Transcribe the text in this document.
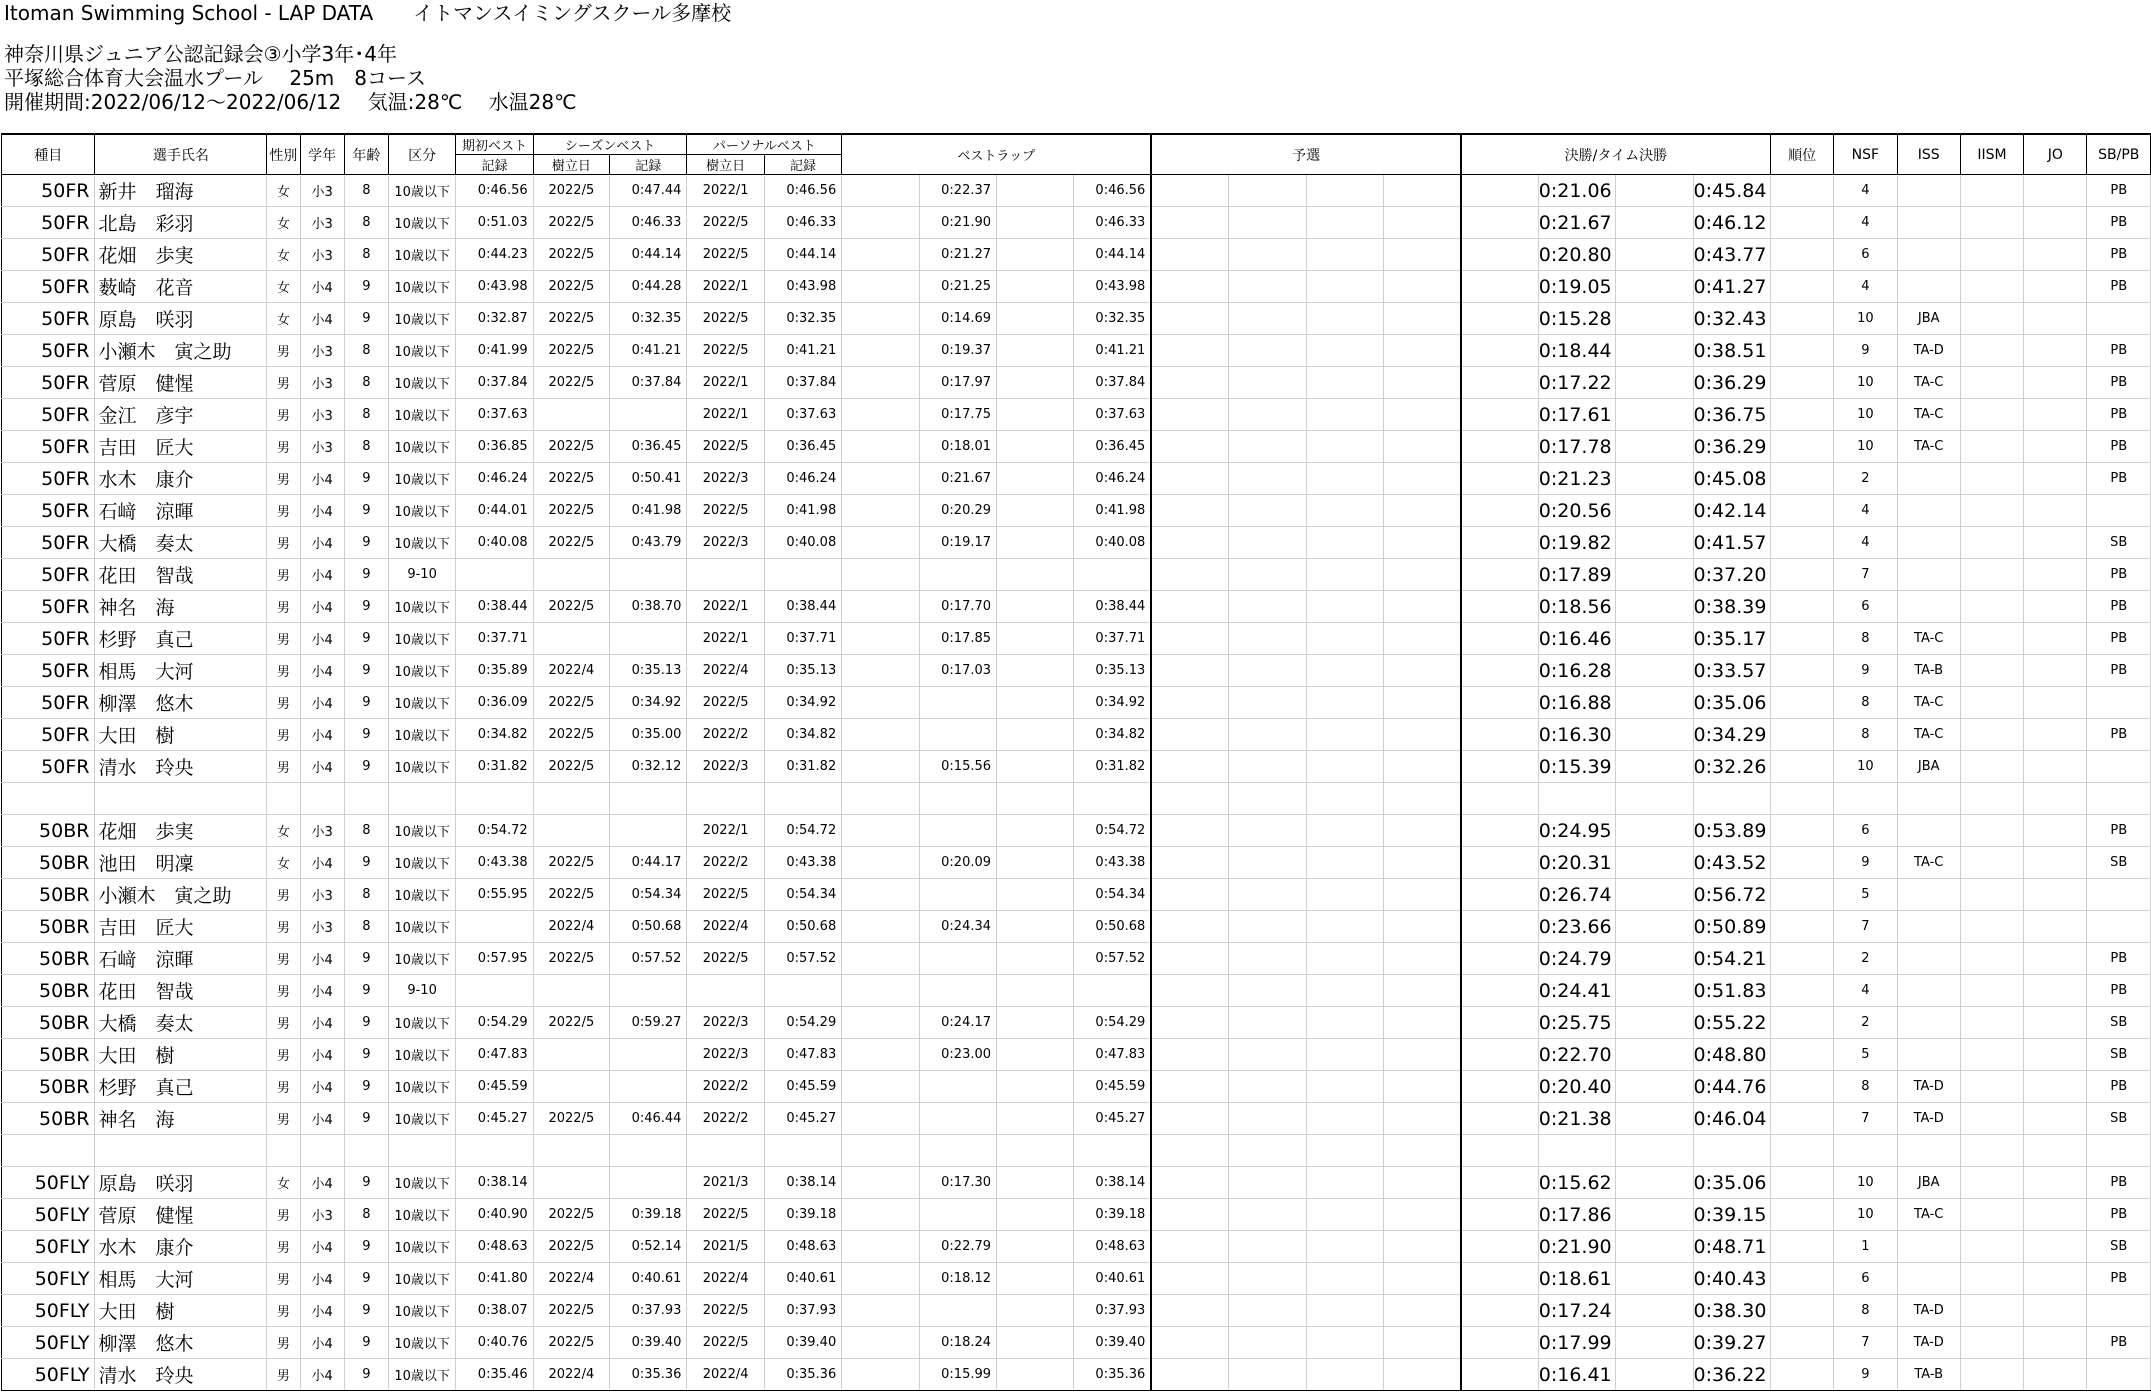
Itoman Swimming School - LAP DATA　　イトマンスイミングスクール多摩校
神奈川県ジュニア公認記録会③小学3年･4年
平塚総合体育大会温水プール　 25m　8コース
開催期間:2022/06/12～2022/06/12　 気温:28℃ 　水温28℃
種目	選手氏名	性別	学年	年齢	区分	期初ベスト	シーズンベスト		パーソナルベスト		ベストラップ				予選				決勝/タイム決勝				順位	NSF	ISS	IISM	JO	SB/PB
						記録	樹立日	記録	樹立日	記録																		
50FR	新井　瑠海	女	小3	8	10歳以下	0:46.56	2022/5	0:47.44	2022/1	0:46.56		0:22.37		0:46.56						0:21.06		0:45.84		4				PB
50FR	北島　彩羽	女	小3	8	10歳以下	0:51.03	2022/5	0:46.33	2022/5	0:46.33		0:21.90		0:46.33						0:21.67		0:46.12		4				PB
50FR	花畑　歩実	女	小3	8	10歳以下	0:44.23	2022/5	0:44.14	2022/5	0:44.14		0:21.27		0:44.14						0:20.80		0:43.77		6				PB
50FR	薮崎　花音	女	小4	9	10歳以下	0:43.98	2022/5	0:44.28	2022/1	0:43.98		0:21.25		0:43.98						0:19.05		0:41.27		4				PB
50FR	原島　咲羽	女	小4	9	10歳以下	0:32.87	2022/5	0:32.35	2022/5	0:32.35		0:14.69		0:32.35						0:15.28		0:32.43		10	JBA			
50FR	小瀬木　寅之助	男	小3	8	10歳以下	0:41.99	2022/5	0:41.21	2022/5	0:41.21		0:19.37		0:41.21						0:18.44		0:38.51		9	TA-D			PB
50FR	菅原　健惺	男	小3	8	10歳以下	0:37.84	2022/5	0:37.84	2022/1	0:37.84		0:17.97		0:37.84						0:17.22		0:36.29		10	TA-C			PB
50FR	金江　彦宇	男	小3	8	10歳以下	0:37.63			2022/1	0:37.63		0:17.75		0:37.63						0:17.61		0:36.75		10	TA-C			PB
50FR	吉田　匠大	男	小3	8	10歳以下	0:36.85	2022/5	0:36.45	2022/5	0:36.45		0:18.01		0:36.45						0:17.78		0:36.29		10	TA-C			PB
50FR	水木　康介	男	小4	9	10歳以下	0:46.24	2022/5	0:50.41	2022/3	0:46.24		0:21.67		0:46.24						0:21.23		0:45.08		2				PB
50FR	石﨑　涼暉	男	小4	9	10歳以下	0:44.01	2022/5	0:41.98	2022/5	0:41.98		0:20.29		0:41.98						0:20.56		0:42.14		4				
50FR	大橋　奏太	男	小4	9	10歳以下	0:40.08	2022/5	0:43.79	2022/3	0:40.08		0:19.17		0:40.08						0:19.82		0:41.57		4				SB
50FR	花田　智哉	男	小4	9	9-10															0:17.89		0:37.20		7				PB
50FR	神名　海	男	小4	9	10歳以下	0:38.44	2022/5	0:38.70	2022/1	0:38.44		0:17.70		0:38.44						0:18.56		0:38.39		6				PB
50FR	杉野　真己	男	小4	9	10歳以下	0:37.71			2022/1	0:37.71		0:17.85		0:37.71						0:16.46		0:35.17		8	TA-C			PB
50FR	相馬　大河	男	小4	9	10歳以下	0:35.89	2022/4	0:35.13	2022/4	0:35.13		0:17.03		0:35.13						0:16.28		0:33.57		9	TA-B			PB
50FR	柳澤　悠木	男	小4	9	10歳以下	0:36.09	2022/5	0:34.92	2022/5	0:34.92				0:34.92						0:16.88		0:35.06		8	TA-C			
50FR	大田　樹	男	小4	9	10歳以下	0:34.82	2022/5	0:35.00	2022/2	0:34.82				0:34.82						0:16.30		0:34.29		8	TA-C			PB
50FR	清水　玲央	男	小4	9	10歳以下	0:31.82	2022/5	0:32.12	2022/3	0:31.82		0:15.56		0:31.82						0:15.39		0:32.26		10	JBA			

50BR	花畑　歩実	女	小3	8	10歳以下	0:54.72			2022/1	0:54.72				0:54.72						0:24.95		0:53.89		6				PB
50BR	池田　明凜	女	小4	9	10歳以下	0:43.38	2022/5	0:44.17	2022/2	0:43.38		0:20.09		0:43.38						0:20.31		0:43.52		9	TA-C			SB
50BR	小瀬木　寅之助	男	小3	8	10歳以下	0:55.95	2022/5	0:54.34	2022/5	0:54.34				0:54.34						0:26.74		0:56.72		5				
50BR	吉田　匠大	男	小3	8	10歳以下		2022/4	0:50.68	2022/4	0:50.68		0:24.34		0:50.68						0:23.66		0:50.89		7				
50BR	石﨑　涼暉	男	小4	9	10歳以下	0:57.95	2022/5	0:57.52	2022/5	0:57.52				0:57.52						0:24.79		0:54.21		2				PB
50BR	花田　智哉	男	小4	9	9-10															0:24.41		0:51.83		4				PB
50BR	大橋　奏太	男	小4	9	10歳以下	0:54.29	2022/5	0:59.27	2022/3	0:54.29		0:24.17		0:54.29						0:25.75		0:55.22		2				SB
50BR	大田　樹	男	小4	9	10歳以下	0:47.83			2022/3	0:47.83		0:23.00		0:47.83						0:22.70		0:48.80		5				SB
50BR	杉野　真己	男	小4	9	10歳以下	0:45.59			2022/2	0:45.59				0:45.59						0:20.40		0:44.76		8	TA-D			PB
50BR	神名　海	男	小4	9	10歳以下	0:45.27	2022/5	0:46.44	2022/2	0:45.27				0:45.27						0:21.38		0:46.04		7	TA-D			SB

50FLY	原島　咲羽	女	小4	9	10歳以下	0:38.14			2021/3	0:38.14		0:17.30		0:38.14						0:15.62		0:35.06		10	JBA			PB
50FLY	菅原　健惺	男	小3	8	10歳以下	0:40.90	2022/5	0:39.18	2022/5	0:39.18				0:39.18						0:17.86		0:39.15		10	TA-C			PB
50FLY	水木　康介	男	小4	9	10歳以下	0:48.63	2022/5	0:52.14	2021/5	0:48.63		0:22.79		0:48.63						0:21.90		0:48.71		1				SB
50FLY	相馬　大河	男	小4	9	10歳以下	0:41.80	2022/4	0:40.61	2022/4	0:40.61		0:18.12		0:40.61						0:18.61		0:40.43		6				PB
50FLY	大田　樹	男	小4	9	10歳以下	0:38.07	2022/5	0:37.93	2022/5	0:37.93				0:37.93						0:17.24		0:38.30		8	TA-D			
50FLY	柳澤　悠木	男	小4	9	10歳以下	0:40.76	2022/5	0:39.40	2022/5	0:39.40		0:18.24		0:39.40						0:17.99		0:39.27		7	TA-D			PB
50FLY	清水　玲央	男	小4	9	10歳以下	0:35.46	2022/4	0:35.36	2022/4	0:35.36		0:15.99		0:35.36						0:16.41		0:36.22		9	TA-B			
